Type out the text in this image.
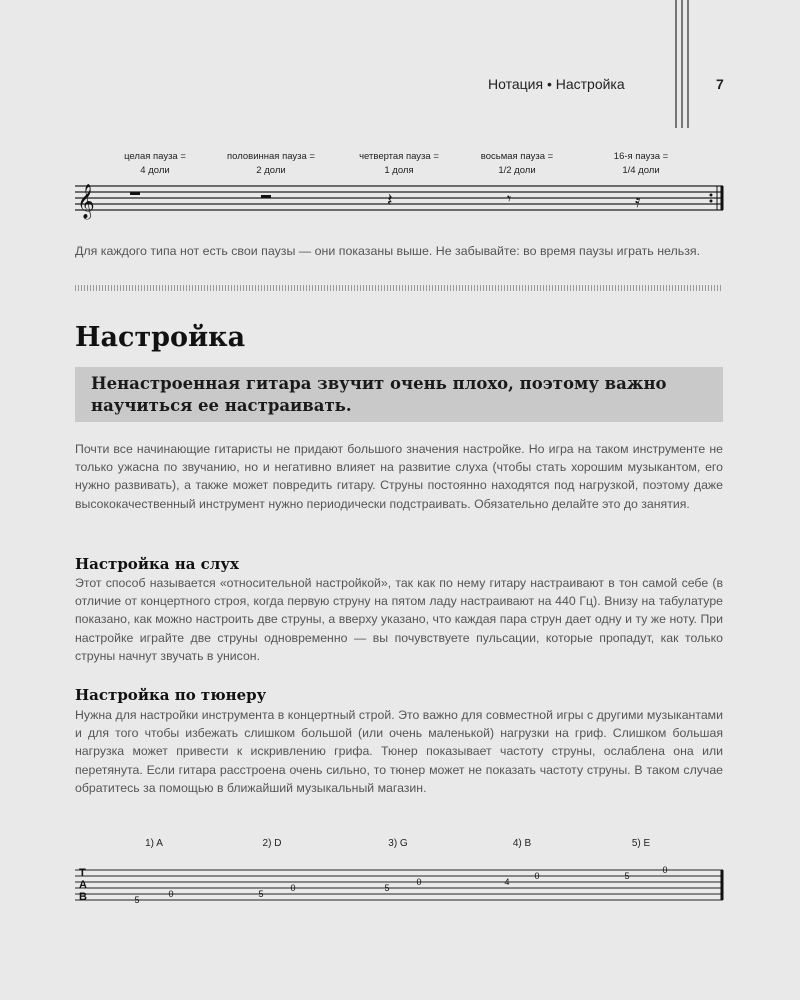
Нотация • Настройка	7
целая пауза =
4 доли
половинная пауза =
2 доли
четвертая пауза =
1 доля
восьмая пауза =
1/2 доли
16-я пауза =
1/4 доли
𝄞	𝄽	𝄾	𝄿

Для каждого типа нот есть свои паузы — они показаны выше. Не забывайте: во время паузы играть нельзя.

Настройка
Ненастроенная гитара звучит очень плохо, поэтому важно научиться ее настраивать.

Почти все начинающие гитаристы не придают большого значения настройке. Но игра на таком инструменте не только ужасна по звучанию, но и негативно влияет на развитие слуха (чтобы стать хорошим музыкантом, его нужно развивать), а также может повредить гитару. Струны постоянно находятся под нагрузкой, поэтому даже высококачественный инструмент нужно периодически подстраивать. Обязательно делайте это до занятия.

Настройка на слух

Этот способ называется «относительной настройкой», так как по нему гитару настраивают в тон самой себе (в отличие от концертного строя, когда первую струну на пятом ладу настраивают на 440 Гц). Внизу на табулатуре показано, как можно настроить две струны, а вверху указано, что каждая пара струн дает одну и ту же ноту. При настройке играйте две струны одновременно — вы почувствуете пульсации, которые пропадут, как только струны начнут звучать в унисон.

Настройка по тюнеру

Нужна для настройки инструмента в концертный строй. Это важно для совместной игры с другими музыкантами и для того чтобы избежать слишком большой (или очень маленькой) нагрузки на гриф. Слишком большая нагрузка может привести к искривлению грифа. Тюнер показывает частоту струны, ослаблена она или перетянута. Если гитара расстроена очень сильно, то тюнер может не показать частоту струны. В таком случае обратитесь за помощью в ближайший музыкальный магазин.

1) A	2) D	3) G	4) B	5) E
T
A
B	5
0	5
0	5
0	4
0	5
0
